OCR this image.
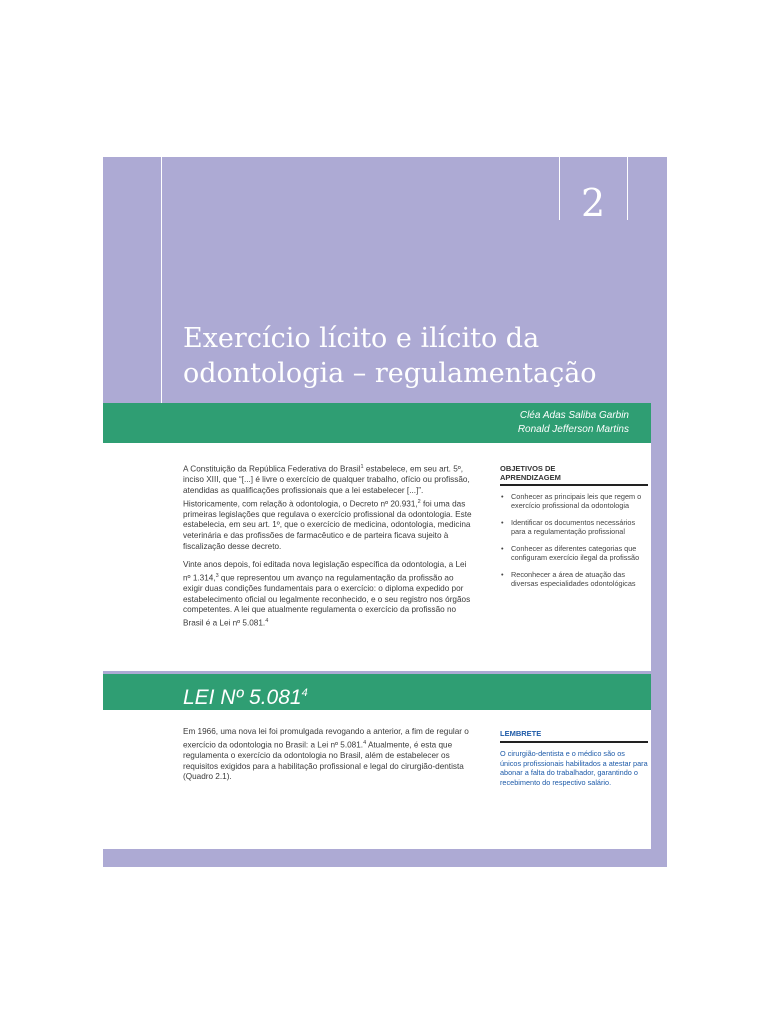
2
Exercício lícito e ilícito da
odontologia – regulamentação
Cléa Adas Saliba Garbin
Ronald Jefferson Martins

A Constituição da República Federativa do Brasil$^1$ estabelece, em seu art. 5º, inciso XIII, que “[...] é livre o exercício de qualquer trabalho, ofício ou profissão, atendidas as qualificações profissionais que a lei estabelecer [...]”. Historicamente, com relação à odontologia, o Decreto nº 20.931,$^2$ foi uma das primeiras legislações que regulava o exercício profissional da odontologia. Este estabelecia, em seu art. 1º, que o exercício de medicina, odontologia, medicina veterinária e das profissões de farmacêutico e de parteira ficava sujeito à fiscalização desse decreto.

Vinte anos depois, foi editada nova legislação específica da odontologia, a Lei nº 1.314,$^3$ que representou um avanço na regulamentação da profissão ao exigir duas condições fundamentais para o exercício: o diploma expedido por estabelecimento oficial ou legalmente reconhecido, e o seu registro nos órgãos competentes. A lei que atualmente regulamenta o exercício da profissão no Brasil é a Lei nº 5.081.$^4$

OBJETIVOS DE
APRENDIZAGEM
• Conhecer as principais leis que regem o exercício profissional da odontologia
• Identificar os documentos necessários para a regulamentação profissional
• Conhecer as diferentes categorias que configuram exercício ilegal da profissão
• Reconhecer a área de atuação das diversas especialidades odontológicas
LEI Nº 5.081$^4$

Em 1966, uma nova lei foi promulgada revogando a anterior, a fim de regular o exercício da odontologia no Brasil: a Lei nº 5.081.$^4$ Atualmente, é esta que regulamenta o exercício da odontologia no Brasil, além de estabelecer os requisitos exigidos para a habilitação profissional e legal do cirurgião-dentista (Quadro 2.1).

LEMBRETE

O cirurgião-dentista e o médico são os únicos profissionais habilitados a atestar para abonar a falta do trabalhador, garantindo o recebimento do respectivo salário.
